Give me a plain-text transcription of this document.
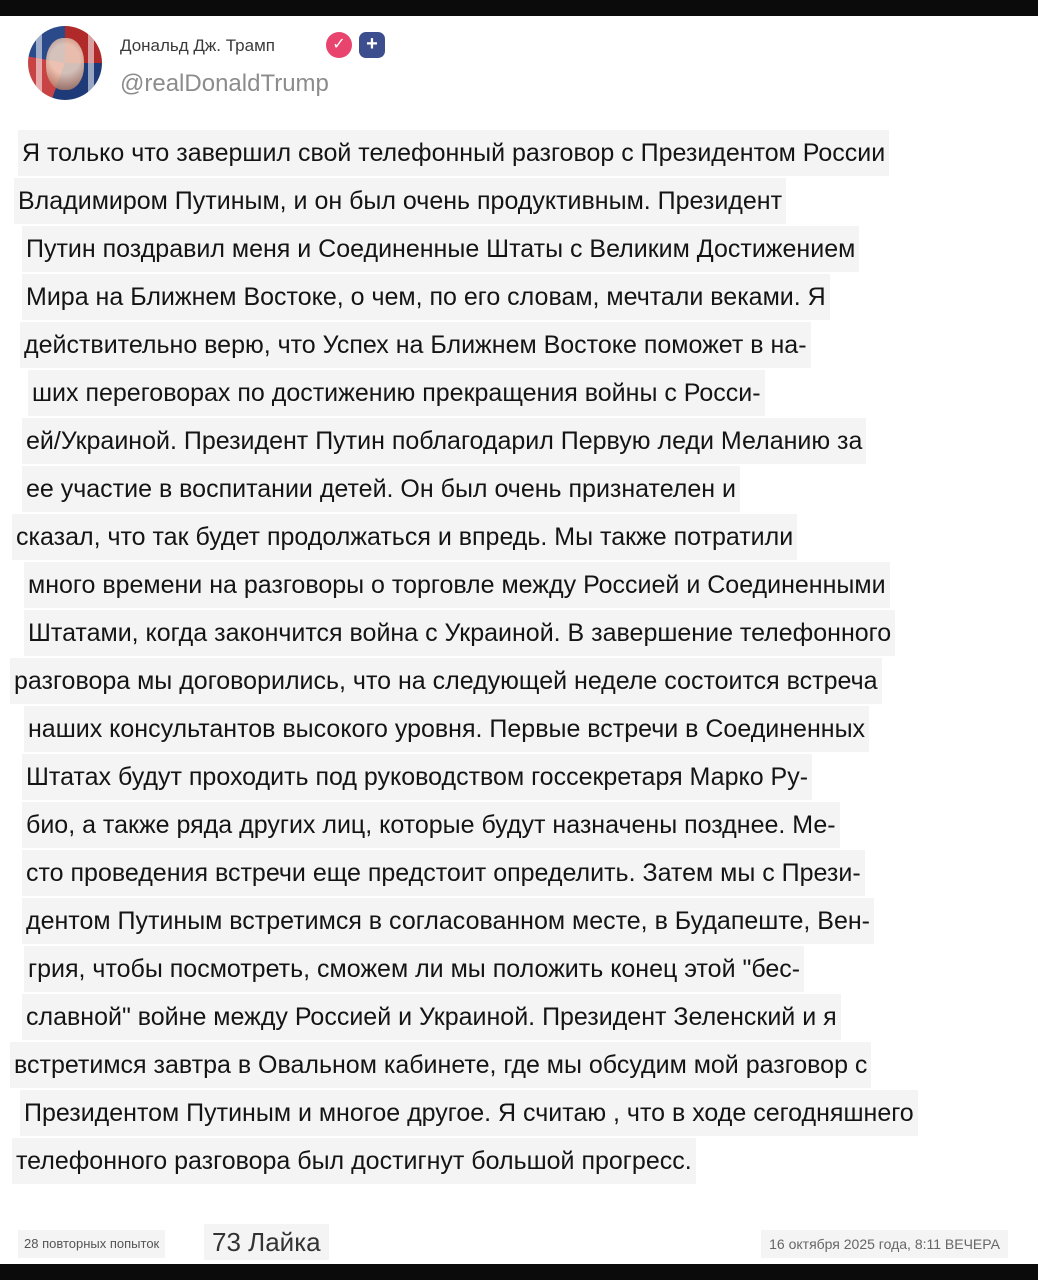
Дональд Дж. Трамп	✓	+
@realDonaldTrump
Я только что завершил свой телефонный разговор с Президентом России
Владимиром Путиным, и он был очень продуктивным. Президент
Путин поздравил меня и Соединенные Штаты с Великим Достижением
Мира на Ближнем Востоке, о чем, по его словам, мечтали веками. Я
действительно верю, что Успех на Ближнем Востоке поможет в на-
ших переговорах по достижению прекращения войны с Росси-
ей/Украиной. Президент Путин поблагодарил Первую леди Меланию за
ее участие в воспитании детей. Он был очень признателен и
сказал, что так будет продолжаться и впредь. Мы также потратили
много времени на разговоры о торговле между Россией и Соединенными
Штатами, когда закончится война с Украиной. В завершение телефонного
разговора мы договорились, что на следующей неделе состоится встреча
наших консультантов высокого уровня. Первые встречи в Соединенных
Штатах будут проходить под руководством госсекретаря Марко Ру-
био, а также ряда других лиц, которые будут назначены позднее. Ме-
сто проведения встречи еще предстоит определить. Затем мы с Прези-
дентом Путиным встретимся в согласованном месте, в Будапеште, Вен-
грия, чтобы посмотреть, сможем ли мы положить конец этой "бес-
славной" войне между Россией и Украиной. Президент Зеленский и я
встретимся завтра в Овальном кабинете, где мы обсудим мой разговор с
Президентом Путиным и многое другое. Я считаю , что в ходе сегодняшнего
телефонного разговора был достигнут большой прогресс.
28 повторных попыток	73 Лайка	16 октября 2025 года, 8:11 ВЕЧЕРА
